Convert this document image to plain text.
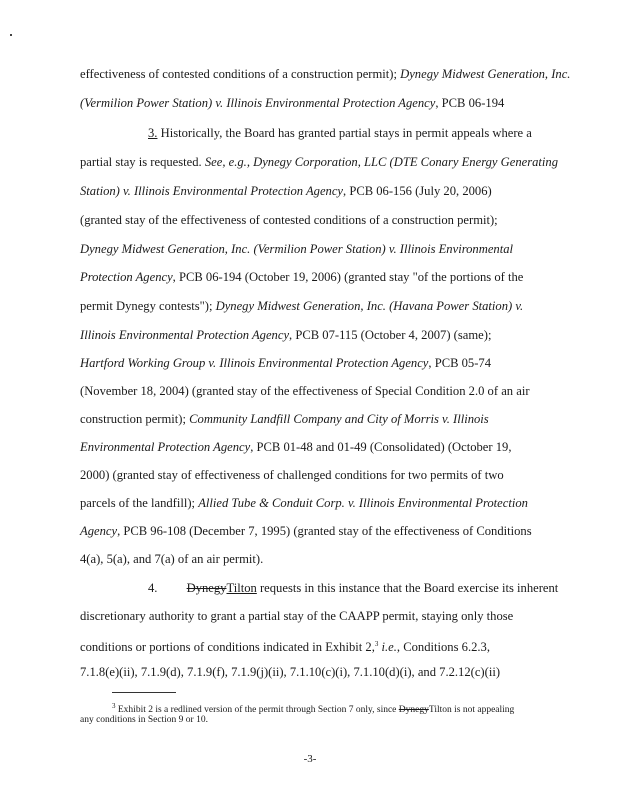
effectiveness of contested conditions of a construction permit); Dynegy Midwest Generation, Inc.
(Vermilion Power Station) v. Illinois Environmental Protection Agency, PCB 06-194
3. Historically, the Board has granted partial stays in permit appeals where a
partial stay is requested. See, e.g., Dynegy Corporation, LLC (DTE Conary Energy Generating
Station) v. Illinois Environmental Protection Agency, PCB 06-156 (July 20, 2006)
(granted stay of the effectiveness of contested conditions of a construction permit);
Dynegy Midwest Generation, Inc. (Vermilion Power Station) v. Illinois Environmental
Protection Agency, PCB 06-194 (October 19, 2006) (granted stay "of the portions of the
permit Dynegy contests"); Dynegy Midwest Generation, Inc. (Havana Power Station) v.
Illinois Environmental Protection Agency, PCB 07-115 (October 4, 2007) (same);
Hartford Working Group v. Illinois Environmental Protection Agency, PCB 05-74
(November 18, 2004) (granted stay of the effectiveness of Special Condition 2.0 of an air
construction permit); Community Landfill Company and City of Morris v. Illinois
Environmental Protection Agency, PCB 01-48 and 01-49 (Consolidated) (October 19,
2000) (granted stay of effectiveness of challenged conditions for two permits of two
parcels of the landfill); Allied Tube & Conduit Corp. v. Illinois Environmental Protection
Agency, PCB 96-108 (December 7, 1995) (granted stay of the effectiveness of Conditions
4(a), 5(a), and 7(a) of an air permit).
4. DynegyTilton requests in this instance that the Board exercise its inherent
discretionary authority to grant a partial stay of the CAAPP permit, staying only those
conditions or portions of conditions indicated in Exhibit 2,$^3$ i.e., Conditions 6.2.3,
7.1.8(e)(ii), 7.1.9(d), 7.1.9(f), 7.1.9(j)(ii), 7.1.10(c)(i), 7.1.10(d)(i), and 7.2.12(c)(ii)
$^3$ Exhibit 2 is a redlined version of the permit through Section 7 only, since DynegyTilton is not appealing
any conditions in Section 9 or 10.
-3-
